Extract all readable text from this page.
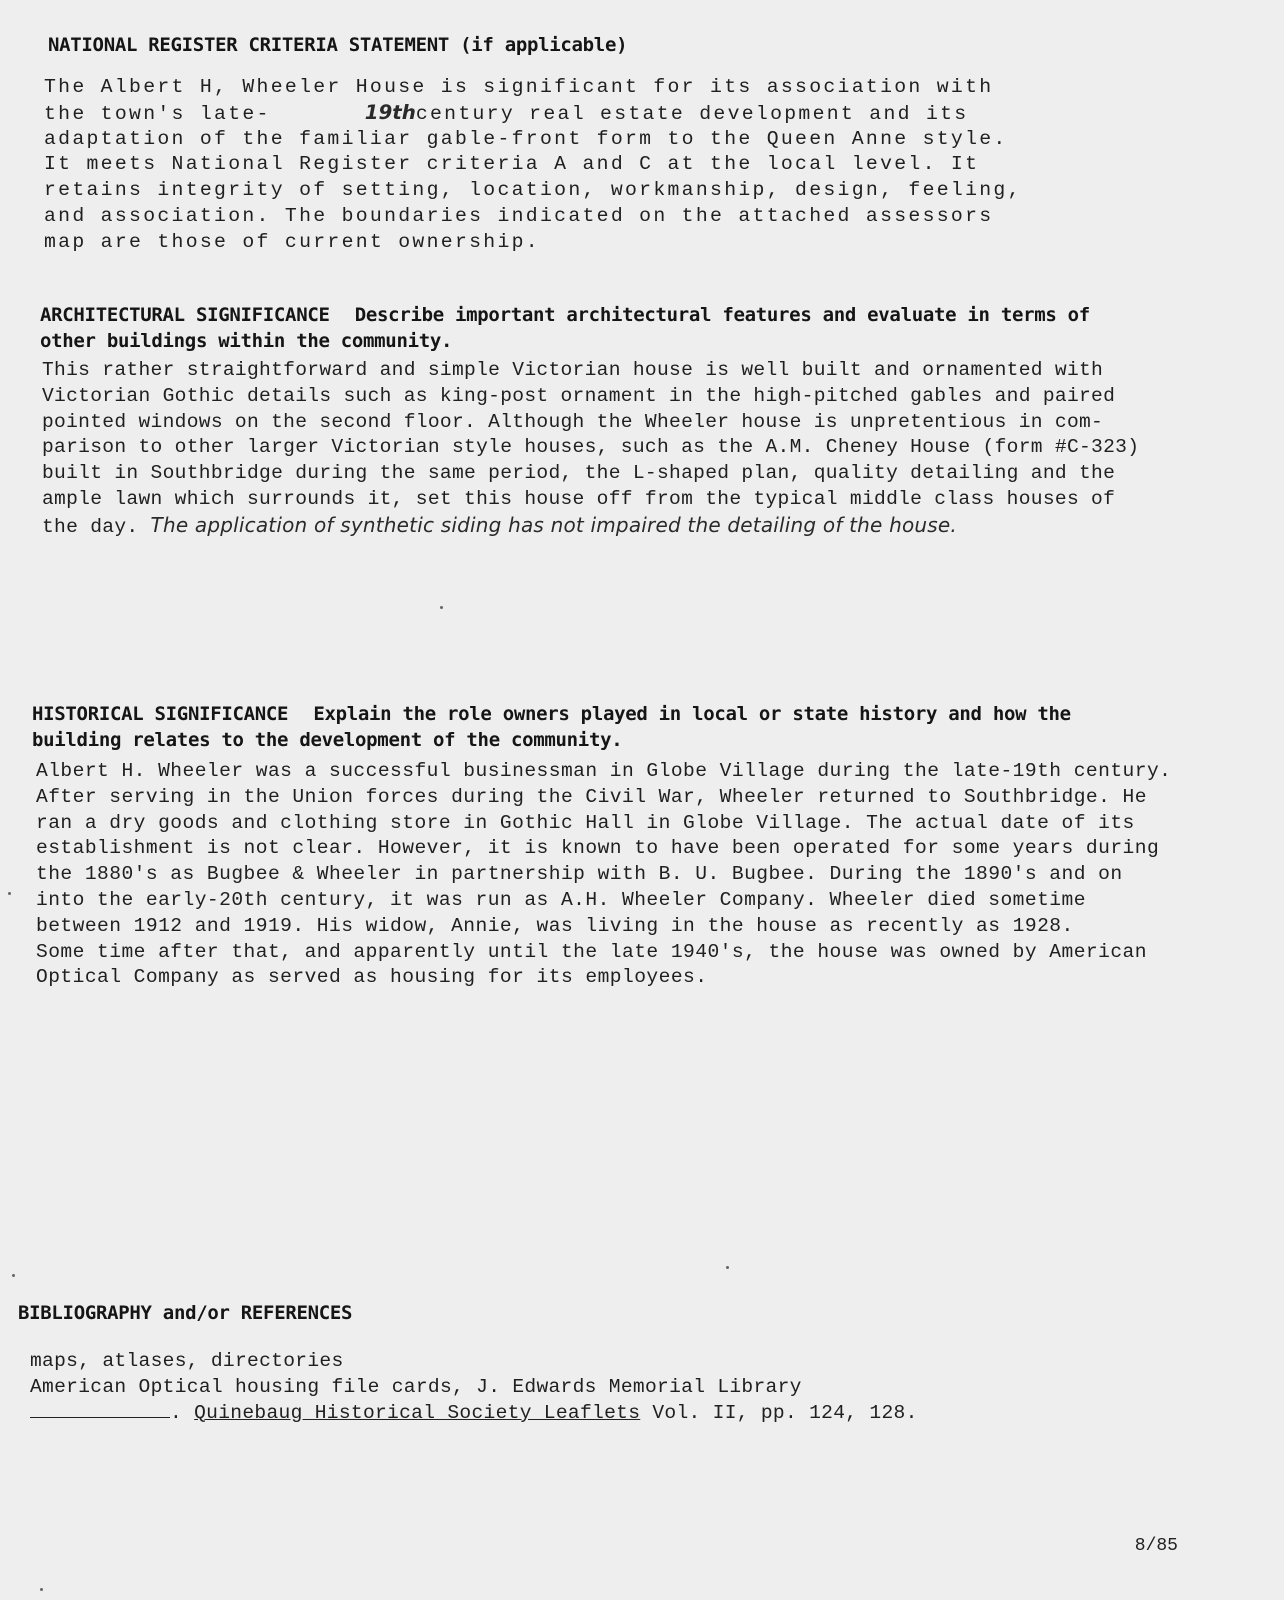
NATIONAL REGISTER CRITERIA STATEMENT (if applicable)
The Albert H, Wheeler House is significant for its association with
the town's late-	19thcentury real estate development and its
adaptation of the familiar gable-front form to the Queen Anne style.
It meets National Register criteria A and C at the local level. It
retains integrity of setting, location, workmanship, design, feeling,
and association. The boundaries indicated on the attached assessors
map are those of current ownership.
ARCHITECTURAL SIGNIFICANCE Describe important architectural features and evaluate in terms of
other buildings within the community.
This rather straightforward and simple Victorian house is well built and ornamented with
Victorian Gothic details such as king-post ornament in the high-pitched gables and paired
pointed windows on the second floor. Although the Wheeler house is unpretentious in com-
parison to other larger Victorian style houses, such as the A.M. Cheney House (form #C-323)
built in Southbridge during the same period, the L-shaped plan, quality detailing and the
ample lawn which surrounds it, set this house off from the typical middle class houses of
the day. The application of synthetic siding has not impaired the detailing of the house.
HISTORICAL SIGNIFICANCE Explain the role owners played in local or state history and how the
building relates to the development of the community.
Albert H. Wheeler was a successful businessman in Globe Village during the late-19th century.
After serving in the Union forces during the Civil War, Wheeler returned to Southbridge. He
ran a dry goods and clothing store in Gothic Hall in Globe Village. The actual date of its
establishment is not clear. However, it is known to have been operated for some years during
the 1880's as Bugbee & Wheeler in partnership with B. U. Bugbee. During the 1890's and on
into the early-20th century, it was run as A.H. Wheeler Company. Wheeler died sometime
between 1912 and 1919. His widow, Annie, was living in the house as recently as 1928.
Some time after that, and apparently until the late 1940's, the house was owned by American
Optical Company as served as housing for its employees.
BIBLIOGRAPHY and/or REFERENCES
maps, atlases, directories
American Optical housing file cards, J. Edwards Memorial Library
. Quinebaug Historical Society Leaflets Vol. II, pp. 124, 128.
8/85
